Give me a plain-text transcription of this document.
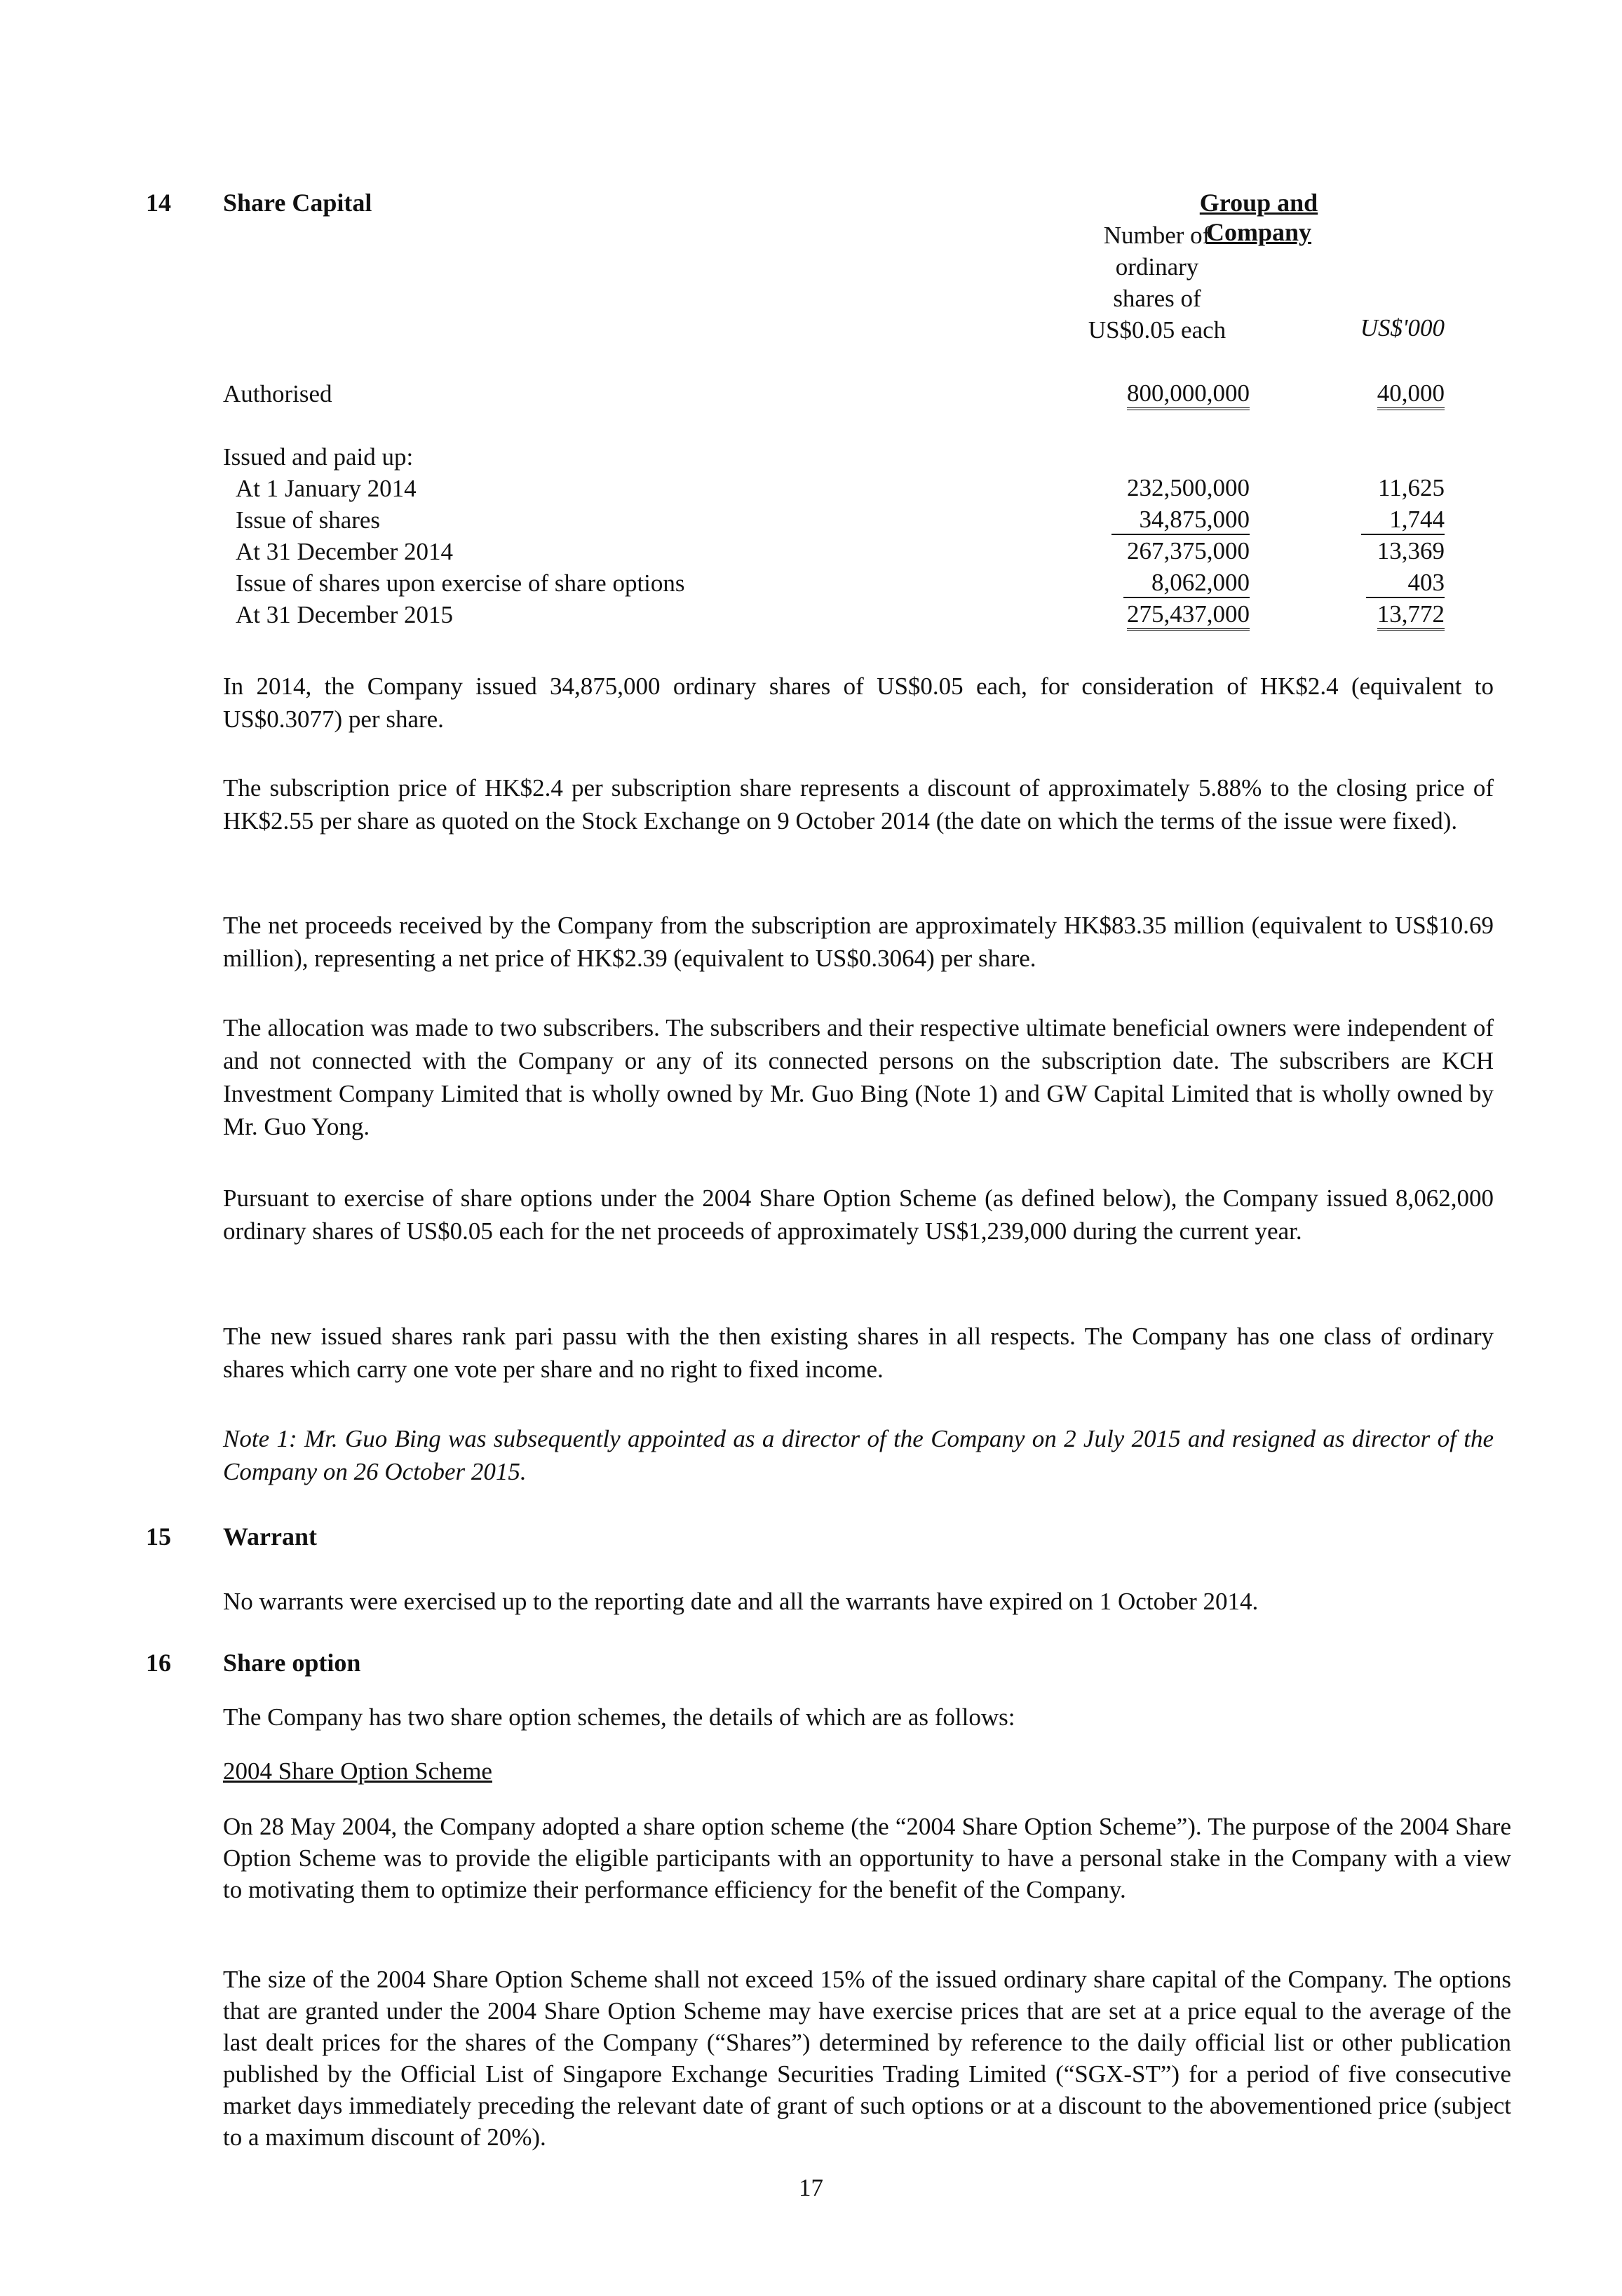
14 Share Capital	Group and Company
Number of
ordinary
shares of
US$0.05 each	US$'000
Authorised	800,000,000	40,000
Issued and paid up:
At 1 January 2014	232,500,000	11,625
Issue of shares	34,875,000	1,744
At 31 December 2014	267,375,000	13,369
Issue of shares upon exercise of share options	8,062,000	403
At 31 December 2015	275,437,000	13,772
In 2014, the Company issued 34,875,000 ordinary shares of US$0.05 each, for consideration of HK$2.4 (equivalent to US$0.3077) per share.
The subscription price of HK$2.4 per subscription share represents a discount of approximately 5.88% to the closing price of HK$2.55 per share as quoted on the Stock Exchange on 9 October 2014 (the date on which the terms of the issue were fixed).
The net proceeds received by the Company from the subscription are approximately HK$83.35 million (equivalent to US$10.69 million), representing a net price of HK$2.39 (equivalent to US$0.3064) per share.
The allocation was made to two subscribers. The subscribers and their respective ultimate beneficial owners were independent of and not connected with the Company or any of its connected persons on the subscription date. The subscribers are KCH Investment Company Limited that is wholly owned by Mr. Guo Bing (Note 1) and GW Capital Limited that is wholly owned by Mr. Guo Yong.
Pursuant to exercise of share options under the 2004 Share Option Scheme (as defined below), the Company issued 8,062,000 ordinary shares of US$0.05 each for the net proceeds of approximately US$1,239,000 during the current year.
The new issued shares rank pari passu with the then existing shares in all respects. The Company has one class of ordinary shares which carry one vote per share and no right to fixed income.
Note 1: Mr. Guo Bing was subsequently appointed as a director of the Company on 2 July 2015 and resigned as director of the Company on 26 October 2015.
15 Warrant
No warrants were exercised up to the reporting date and all the warrants have expired on 1 October 2014.
16 Share option
The Company has two share option schemes, the details of which are as follows:
2004 Share Option Scheme
On 28 May 2004, the Company adopted a share option scheme (the “2004 Share Option Scheme”). The purpose of the 2004 Share Option Scheme was to provide the eligible participants with an opportunity to have a personal stake in the Company with a view to motivating them to optimize their performance efficiency for the benefit of the Company.
The size of the 2004 Share Option Scheme shall not exceed 15% of the issued ordinary share capital of the Company. The options that are granted under the 2004 Share Option Scheme may have exercise prices that are set at a price equal to the average of the last dealt prices for the shares of the Company (“Shares”) determined by reference to the daily official list or other publication published by the Official List of Singapore Exchange Securities Trading Limited (“SGX-ST”) for a period of five consecutive market days immediately preceding the relevant date of grant of such options or at a discount to the abovementioned price (subject to a maximum discount of 20%).
17
